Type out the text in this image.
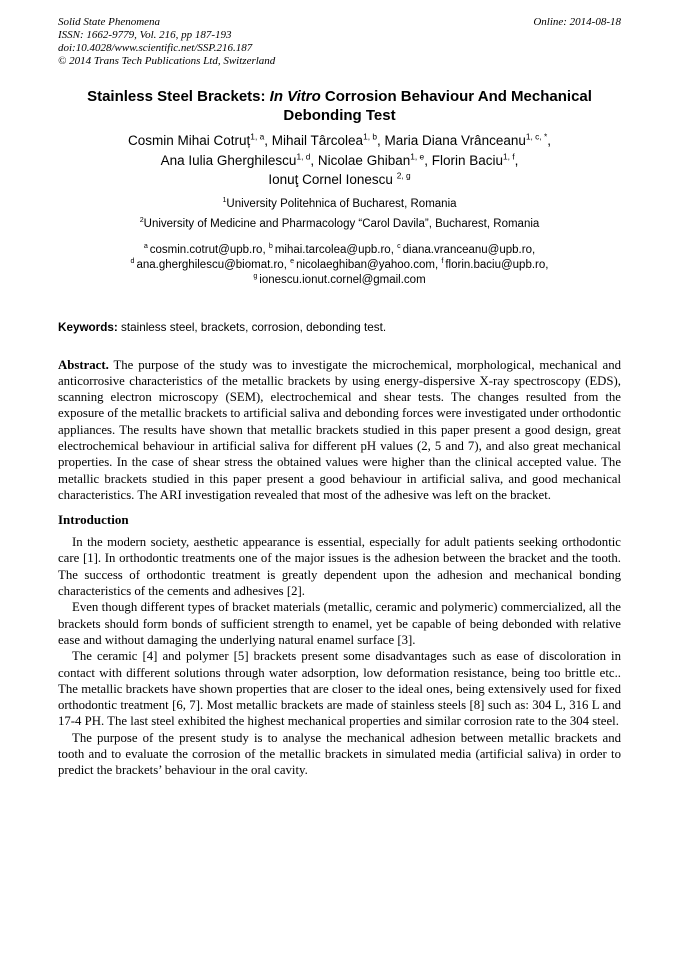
Solid State Phenomena
ISSN: 1662-9779, Vol. 216, pp 187-193
doi:10.4028/www.scientific.net/SSP.216.187
© 2014 Trans Tech Publications Ltd, Switzerland
Online: 2014-08-18
Stainless Steel Brackets: In Vitro Corrosion Behaviour And Mechanical
Debonding Test
Cosmin Mihai Cotruț$^{1, a}$, Mihail Târcolea$^{1, b}$, Maria Diana Vrânceanu$^{1, c, *}$,
Ana Iulia Gherghilescu$^{1, d}$, Nicolae Ghiban$^{1, e}$, Florin Baciu$^{1, f}$,
Ionuţ Cornel Ionescu $^{2, g}$
$^1$University Politehnica of Bucharest, Romania
$^2$University of Medicine and Pharmacology “Carol Davila”, Bucharest, Romania
$^a$ cosmin.cotrut@upb.ro, $^b$ mihai.tarcolea@upb.ro, $^c$ diana.vranceanu@upb.ro,
$^d$ ana.gherghilescu@biomat.ro, $^e$ nicolaeghiban@yahoo.com, $^f$ florin.baciu@upb.ro,
$^g$ ionescu.ionut.cornel@gmail.com

Keywords: stainless steel, brackets, corrosion, debonding test.

Abstract. The purpose of the study was to investigate the microchemical, morphological, mechanical and anticorrosive characteristics of the metallic brackets by using energy-dispersive X-ray spectroscopy (EDS), scanning electron microscopy (SEM), electrochemical and shear tests. The changes resulted from the exposure of the metallic brackets to artificial saliva and debonding forces were investigated under orthodontic appliances. The results have shown that metallic brackets studied in this paper present a good design, great electrochemical behaviour in artificial saliva for different pH values (2, 5 and 7), and also great mechanical properties. In the case of shear stress the obtained values were higher than the clinical accepted value. The metallic brackets studied in this paper present a good behaviour in artificial saliva, and good mechanical characteristics. The ARI investigation revealed that most of the adhesive was left on the bracket.

Introduction

In the modern society, aesthetic appearance is essential, especially for adult patients seeking orthodontic care [1]. In orthodontic treatments one of the major issues is the adhesion between the bracket and the tooth. The success of orthodontic treatment is greatly dependent upon the adhesion and mechanical bonding characteristics of the cements and adhesives [2].

Even though different types of bracket materials (metallic, ceramic and polymeric) commercialized, all the brackets should form bonds of sufficient strength to enamel, yet be capable of being debonded with relative ease and without damaging the underlying natural enamel surface [3].

The ceramic [4] and polymer [5] brackets present some disadvantages such as ease of discoloration in contact with different solutions through water adsorption, low deformation resistance, being too brittle etc.. The metallic brackets have shown properties that are closer to the ideal ones, being extensively used for fixed orthodontic treatment [6, 7]. Most metallic brackets are made of stainless steels [8] such as: 304 L, 316 L and 17-4 PH. The last steel exhibited the highest mechanical properties and similar corrosion rate to the 304 steel.

The purpose of the present study is to analyse the mechanical adhesion between metallic brackets and tooth and to evaluate the corrosion of the metallic brackets in simulated media (artificial saliva) in order to predict the brackets’ behaviour in the oral cavity.
